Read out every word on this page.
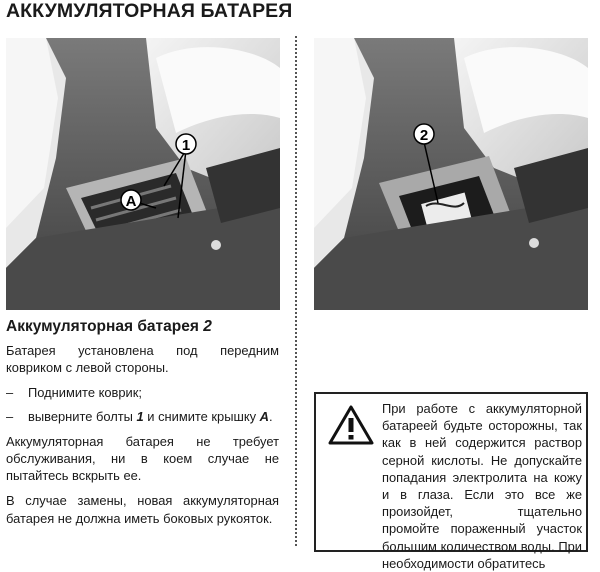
АККУМУЛЯТОРНАЯ БАТАРЕЯ
1
A
2
Аккумуляторная батарея 2

Батарея установлена под передним ковриком с левой стороны.

– Поднимите коврик;
– выверните болты 1 и снимите крышку A.

Аккумуляторная батарея не требует обслуживания, ни в коем случае не пытайтесь вскрыть ее.

В случае замены, новая аккумуляторная батарея не должна иметь боковых рукояток.

При работе с аккумуляторной батареей будьте осторожны, так как в ней содержится раствор серной кислоты. Не допускайте попадания электролита на кожу и в глаза. Если это все же произойдет, тщательно промойте пораженный участок большим количеством воды. При необходимости обратитесь
